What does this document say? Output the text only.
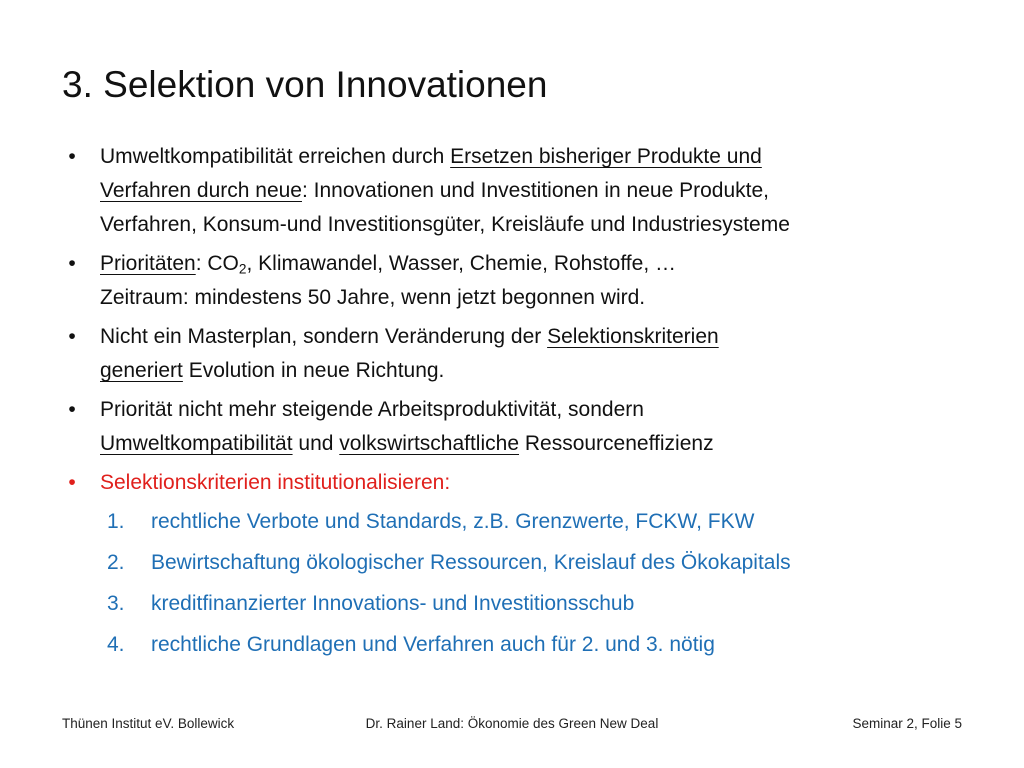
3. Selektion von Innovationen
•	Umweltkompatibilität erreichen durch Ersetzen bisheriger Produkte und
Verfahren durch neue: Innovationen und Investitionen in neue Produkte,
Verfahren, Konsum-und Investitionsgüter, Kreisläufe und Industriesysteme
•	Prioritäten: $CO_2$, Klimawandel, Wasser, Chemie, Rohstoffe, …
Zeitraum: mindestens 50 Jahre, wenn jetzt begonnen wird.
•	Nicht ein Masterplan, sondern Veränderung der Selektionskriterien
generiert Evolution in neue Richtung.
•	Priorität nicht mehr steigende Arbeitsproduktivität, sondern
Umweltkompatibilität und volkswirtschaftliche Ressourceneffizienz
•	Selektionskriterien institutionalisieren:
1. rechtliche Verbote und Standards, z.B. Grenzwerte, FCKW, FKW
2. Bewirtschaftung ökologischer Ressourcen, Kreislauf des Ökokapitals
3. kreditfinanzierter Innovations- und Investitionsschub
4. rechtliche Grundlagen und Verfahren auch für 2. und 3. nötig
Thünen Institut eV. Bollewick	Dr. Rainer Land: Ökonomie des Green New Deal	Seminar 2, Folie 5
